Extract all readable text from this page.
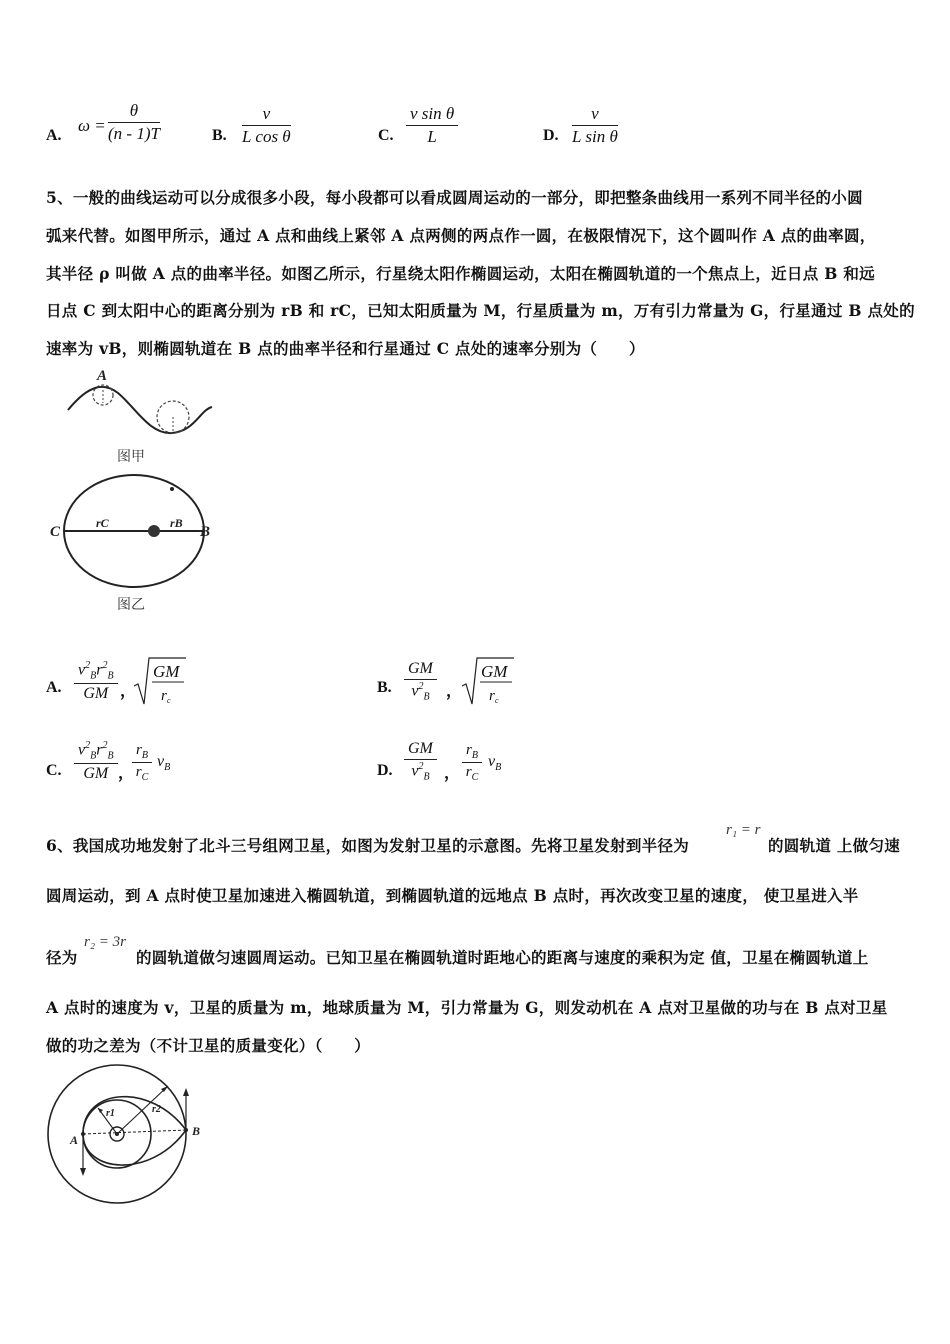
A.
$\omega = \frac{\theta}{(n - 1)T}$	B. $\frac{v}{\text{L cos θ}}$	C. $\frac{\text{v sin θ}}{L}$	D. $\frac{v}{\text{L sin θ}}$
5、一般的曲线运动可以分成很多小段，每小段都可以看成圆周运动的一部分，即把整条曲线用一系列不同半径的小圆
弧来代替。如图甲所示，通过 A 点和曲线上紧邻 A 点两侧的两点作一圆，在极限情况下，这个圆叫作 A 点的曲率圆，
其半径 ρ 叫做 A 点的曲率半径。如图乙所示，行星绕太阳作椭圆运动，太阳在椭圆轨道的一个焦点上，近日点 B 和远
日点 C 到太阳中心的距离分别为 rB 和 rC，已知太阳质量为 M，行星质量为 m，万有引力常量为 G，行星通过 B 点处的
速率为 vB，则椭圆轨道在 B 点的曲率半径和行星通过 C 点处的速率分别为（　　）
A
图甲
C	B
rC	rB
图乙
A. $\frac{v^2_Br^2_B}{GM}$ ，
GM
r c
B. $\frac{GM}{v^2_B}$ ，
GM
r c
C. $\frac{v^2_Br^2_B}{GM}$ ，
$\frac{r_B}{r_C} v_B$	D. $\frac{GM}{v^2_B}$ ， $\frac{r_B}{r_C} v_B$
6、我国成功地发射了北斗三号组网卫星，如图为发射卫星的示意图。先将卫星发射到半径为
r₁ = r
的圆轨道 上做匀速
圆周运动，到 A 点时使卫星加速进入椭圆轨道，到椭圆轨道的远地点 B 点时，再次改变卫星的速度， 使卫星进入半
径为
r₂ = 3r
的圆轨道做匀速圆周运动。已知卫星在椭圆轨道时距地心的距离与速度的乘积为定 值，卫星在椭圆轨道上
A 点时的速度为 v，卫星的质量为 m，地球质量为 M，引力常量为 G，则发动机在 A 点对卫星做的功与在 B 点对卫星
做的功之差为（不计卫星的质量变化）（　　）
A
B
r1	r2
